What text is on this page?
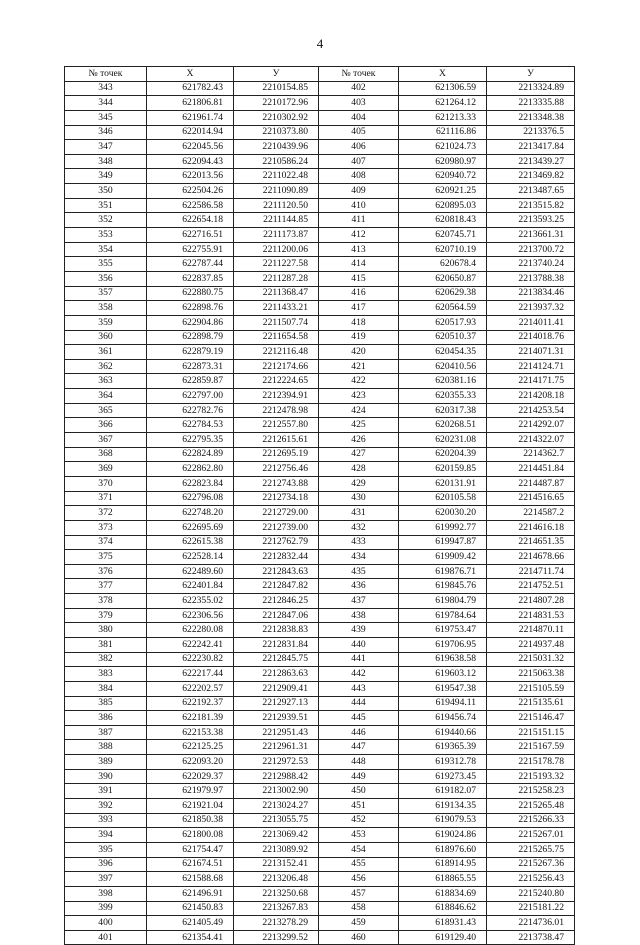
4
№ точек	X	У	№ точек	X	У
343	621782.43	2210154.85	402	621306.59	2213324.89
344	621806.81	2210172.96	403	621264.12	2213335.88
345	621961.74	2210302.92	404	621213.33	2213348.38
346	622014.94	2210373.80	405	621116.86	2213376.5
347	622045.56	2210439.96	406	621024.73	2213417.84
348	622094.43	2210586.24	407	620980.97	2213439.27
349	622013.56	2211022.48	408	620940.72	2213469.82
350	622504.26	2211090.89	409	620921.25	2213487.65
351	622586.58	2211120.50	410	620895.03	2213515.82
352	622654.18	2211144.85	411	620818.43	2213593.25
353	622716.51	2211173.87	412	620745.71	2213661.31
354	622755.91	2211200.06	413	620710.19	2213700.72
355	622787.44	2211227.58	414	620678.4	2213740.24
356	622837.85	2211287.28	415	620650.87	2213788.38
357	622880.75	2211368.47	416	620629.38	2213834.46
358	622898.76	2211433.21	417	620564.59	2213937.32
359	622904.86	2211507.74	418	620517.93	2214011.41
360	622898.79	2211654.58	419	620510.37	2214018.76
361	622879.19	2212116.48	420	620454.35	2214071.31
362	622873.31	2212174.66	421	620410.56	2214124.71
363	622859.87	2212224.65	422	620381.16	2214171.75
364	622797.00	2212394.91	423	620355.33	2214208.18
365	622782.76	2212478.98	424	620317.38	2214253.54
366	622784.53	2212557.80	425	620268.51	2214292.07
367	622795.35	2212615.61	426	620231.08	2214322.07
368	622824.89	2212695.19	427	620204.39	2214362.7
369	622862.80	2212756.46	428	620159.85	2214451.84
370	622823.84	2212743.88	429	620131.91	2214487.87
371	622796.08	2212734.18	430	620105.58	2214516.65
372	622748.20	2212729.00	431	620030.20	2214587.2
373	622695.69	2212739.00	432	619992.77	2214616.18
374	622615.38	2212762.79	433	619947.87	2214651.35
375	622528.14	2212832.44	434	619909.42	2214678.66
376	622489.60	2212843.63	435	619876.71	2214711.74
377	622401.84	2212847.82	436	619845.76	2214752.51
378	622355.02	2212846.25	437	619804.79	2214807.28
379	622306.56	2212847.06	438	619784.64	2214831.53
380	622280.08	2212838.83	439	619753.47	2214870.11
381	622242.41	2212831.84	440	619706.95	2214937.48
382	622230.82	2212845.75	441	619638.58	2215031.32
383	622217.44	2212863.63	442	619603.12	2215063.38
384	622202.57	2212909.41	443	619547.38	2215105.59
385	622192.37	2212927.13	444	619494.11	2215135.61
386	622181.39	2212939.51	445	619456.74	2215146.47
387	622153.38	2212951.43	446	619440.66	2215151.15
388	622125.25	2212961.31	447	619365.39	2215167.59
389	622093.20	2212972.53	448	619312.78	2215178.78
390	622029.37	2212988.42	449	619273.45	2215193.32
391	621979.97	2213002.90	450	619182.07	2215258.23
392	621921.04	2213024.27	451	619134.35	2215265.48
393	621850.38	2213055.75	452	619079.53	2215266.33
394	621800.08	2213069.42	453	619024.86	2215267.01
395	621754.47	2213089.92	454	618976.60	2215265.75
396	621674.51	2213152.41	455	618914.95	2215267.36
397	621588.68	2213206.48	456	618865.55	2215256.43
398	621496.91	2213250.68	457	618834.69	2215240.80
399	621450.83	2213267.83	458	618846.62	2215181.22
400	621405.49	2213278.29	459	618931.43	2214736.01
401	621354.41	2213299.52	460	619129.40	2213738.47
